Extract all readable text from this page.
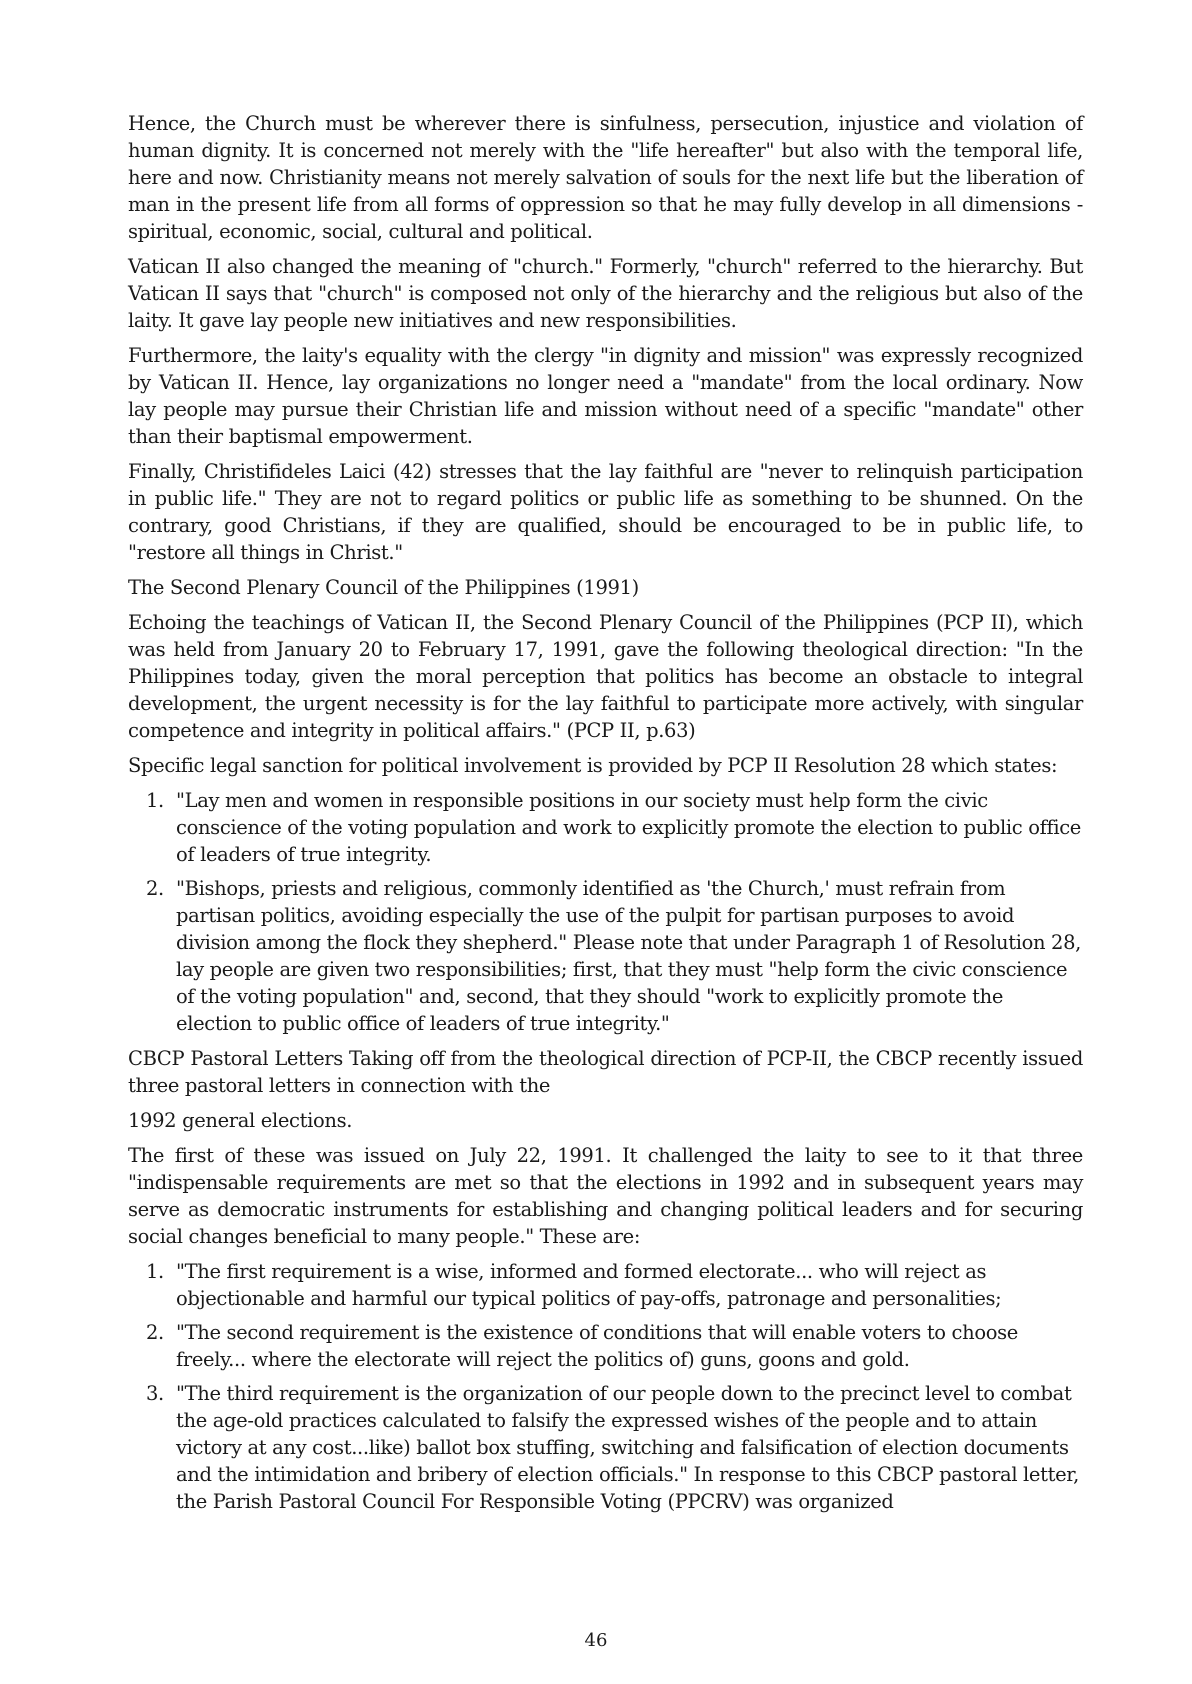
Hence, the Church must be wherever there is sinfulness, persecution, injustice and violation of human dignity. It is concerned not merely with the "life hereafter" but also with the temporal life, here and now. Christianity means not merely salvation of souls for the next life but the liberation of man in the present life from all forms of oppression so that he may fully develop in all dimensions - spiritual, economic, social, cultural and political.

Vatican II also changed the meaning of "church." Formerly, "church" referred to the hierarchy. But Vatican II says that "church" is composed not only of the hierarchy and the religious but also of the laity. It gave lay people new initiatives and new responsibilities.

Furthermore, the laity's equality with the clergy "in dignity and mission" was expressly recognized by Vatican II. Hence, lay organizations no longer need a "mandate" from the local ordinary. Now lay people may pursue their Christian life and mission without need of a specific "mandate" other than their baptismal empowerment.

Finally, Christifideles Laici (42) stresses that the lay faithful are "never to relinquish participation in public life." They are not to regard politics or public life as something to be shunned. On the contrary, good Christians, if they are qualified, should be encouraged to be in public life, to "restore all things in Christ."

The Second Plenary Council of the Philippines (1991)

Echoing the teachings of Vatican II, the Second Plenary Council of the Philippines (PCP II), which was held from January 20 to February 17, 1991, gave the following theological direction: "In the Philippines today, given the moral perception that politics has become an obstacle to integral development, the urgent necessity is for the lay faithful to participate more actively, with singular competence and integrity in political affairs." (PCP II, p.63)

Specific legal sanction for political involvement is provided by PCP II Resolution 28 which states:

1. "Lay men and women in responsible positions in our society must help form the civic conscience of the voting population and work to explicitly promote the election to public office of leaders of true integrity.
2. "Bishops, priests and religious, commonly identified as 'the Church,' must refrain from partisan politics, avoiding especially the use of the pulpit for partisan purposes to avoid division among the flock they shepherd." Please note that under Paragraph 1 of Resolution 28, lay people are given two responsibilities; first, that they must "help form the civic conscience of the voting population" and, second, that they should "work to explicitly promote the election to public office of leaders of true integrity."

CBCP Pastoral Letters Taking off from the theological direction of PCP-II, the CBCP recently issued three pastoral letters in connection with the

1992 general elections.

The first of these was issued on July 22, 1991. It challenged the laity to see to it that three "indispensable requirements are met so that the elections in 1992 and in subsequent years may serve as democratic instruments for establishing and changing political leaders and for securing social changes beneficial to many people." These are:

1. "The first requirement is a wise, informed and formed electorate... who will reject as objectionable and harmful our typical politics of pay-offs, patronage and personalities;
2. "The second requirement is the existence of conditions that will enable voters to choose freely... where the electorate will reject the politics of) guns, goons and gold.
3. "The third requirement is the organization of our people down to the precinct level to combat the age-old practices calculated to falsify the expressed wishes of the people and to attain victory at any cost...like) ballot box stuffing, switching and falsification of election documents and the intimidation and bribery of election officials." In response to this CBCP pastoral letter, the Parish Pastoral Council For Responsible Voting (PPCRV) was organized
46
